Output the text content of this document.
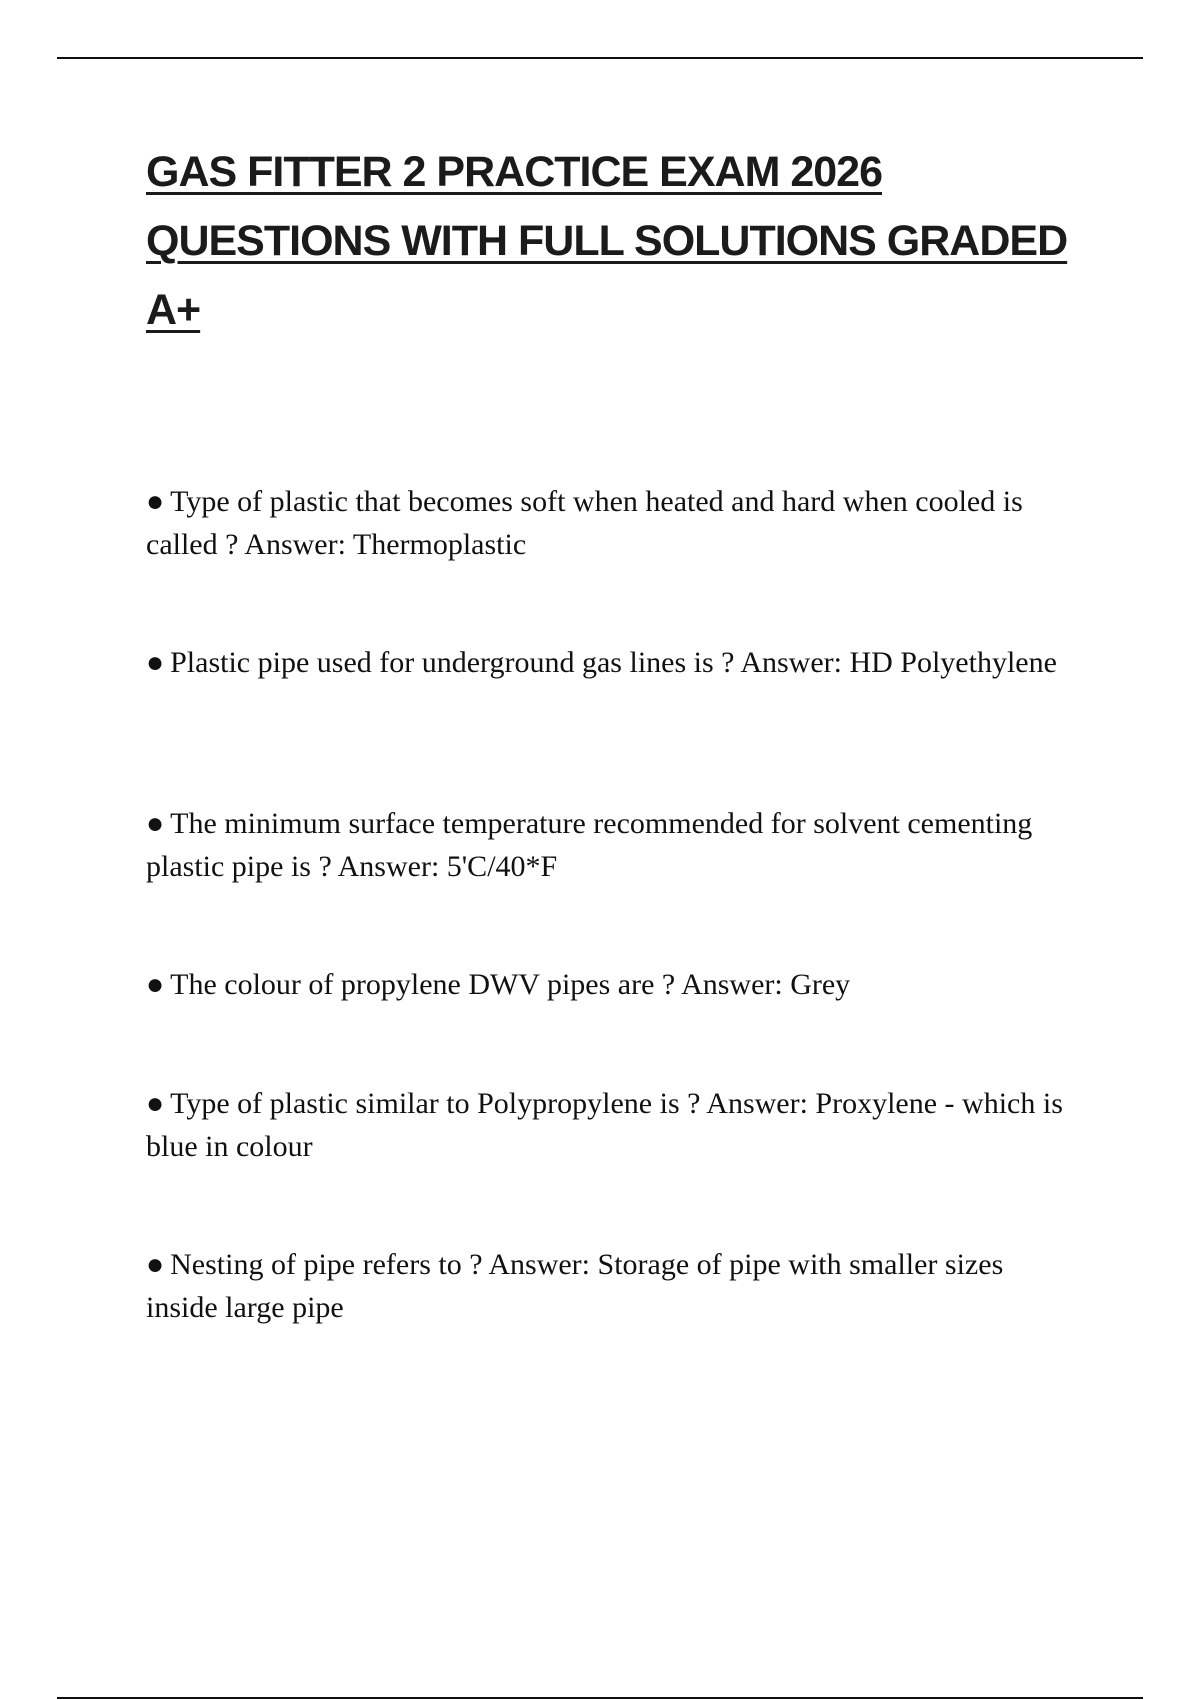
GAS FITTER 2 PRACTICE EXAM 2026
QUESTIONS WITH FULL SOLUTIONS GRADED
A+
● Type of plastic that becomes soft when heated and hard when cooled is called ? Answer: Thermoplastic
● Plastic pipe used for underground gas lines is ? Answer: HD Polyethylene
● The minimum surface temperature recommended for solvent cementing plastic pipe is ? Answer: 5'C/40*F
● The colour of propylene DWV pipes are ? Answer: Grey
● Type of plastic similar to Polypropylene is ? Answer: Proxylene - which is blue in colour
● Nesting of pipe refers to ? Answer: Storage of pipe with smaller sizes inside large pipe
